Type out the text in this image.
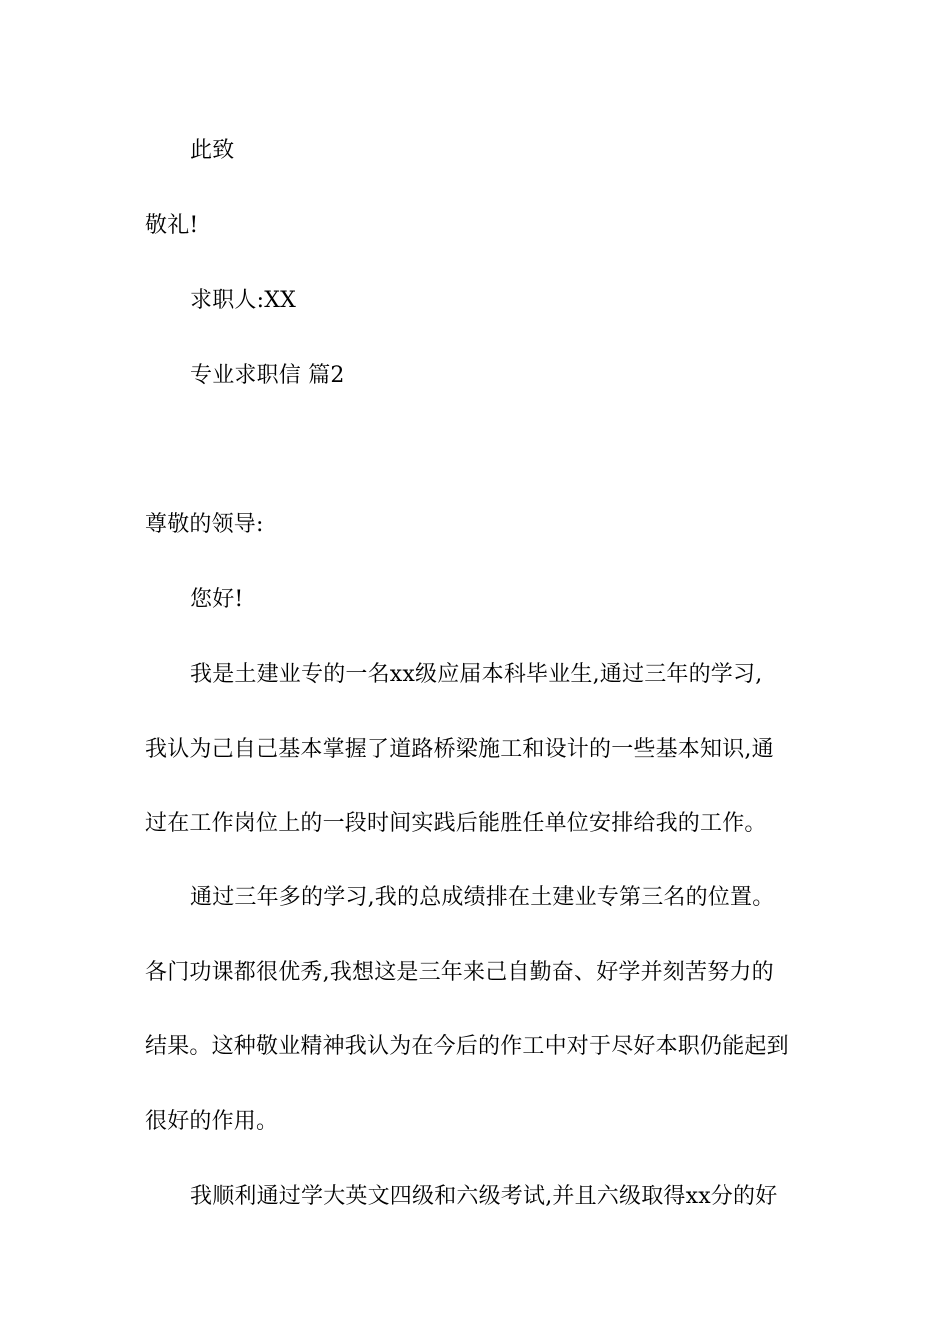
此致
敬礼!
求职人:XX
专业求职信 篇2
尊敬的领导:
您好!
我是土建业专的一名xx级应届本科毕业生,通过三年的学习,
我认为己自己基本掌握了道路桥梁施工和设计的一些基本知识,通
过在工作岗位上的一段时间实践后能胜任单位安排给我的工作。
通过三年多的学习,我的总成绩排在土建业专第三名的位置。
各门功课都很优秀,我想这是三年来己自勤奋、好学并刻苦努力的
结果。这种敬业精神我认为在今后的作工中对于尽好本职仍能起到
很好的作用。
我顺利通过学大英文四级和六级考试,并且六级取得xx分的好
